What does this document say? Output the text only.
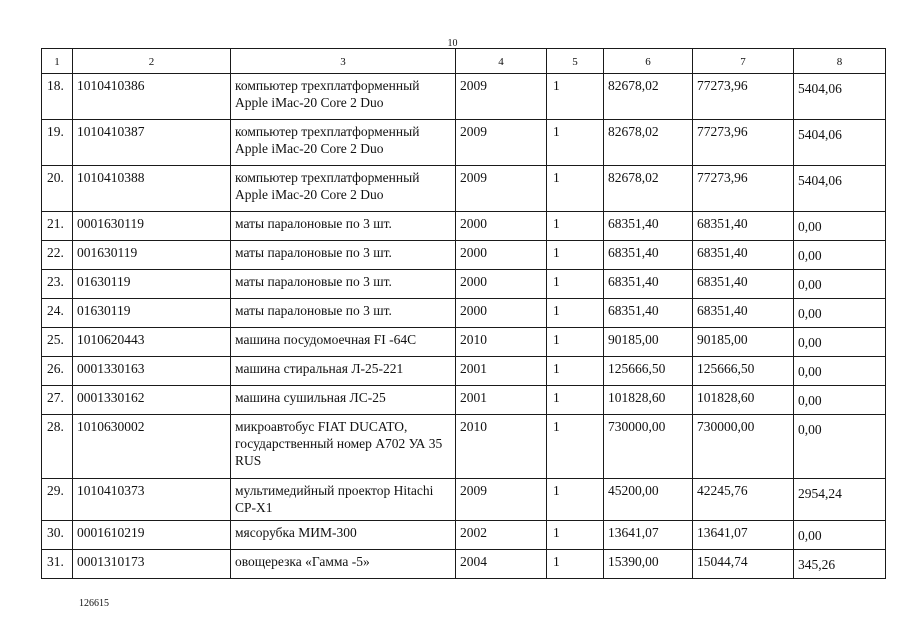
10
1	2	3	4	5	6	7	8
18.	1010410386	компьютер трехплатформенный Apple iMac-20 Core 2 Duo	2009	1	82678,02	77273,96	5404,06
19.	1010410387	компьютер трехплатформенный Apple iMac-20 Core 2 Duo	2009	1	82678,02	77273,96	5404,06
20.	1010410388	компьютер трехплатформенный Apple iMac-20 Core 2 Duo	2009	1	82678,02	77273,96	5404,06
21.	0001630119	маты паралоновые по 3 шт.	2000	1	68351,40	68351,40	0,00
22.	001630119	маты паралоновые по 3 шт.	2000	1	68351,40	68351,40	0,00
23.	01630119	маты паралоновые по 3 шт.	2000	1	68351,40	68351,40	0,00
24.	01630119	маты паралоновые по 3 шт.	2000	1	68351,40	68351,40	0,00
25.	1010620443	машина посудомоечная FI -64C	2010	1	90185,00	90185,00	0,00
26.	0001330163	машина стиральная Л-25-221	2001	1	125666,50	125666,50	0,00
27.	0001330162	машина сушильная ЛС-25	2001	1	101828,60	101828,60	0,00
28.	1010630002	микроавтобус FIAT DUCATO, государственный номер А702 УА 35 RUS	2010	1	730000,00	730000,00	0,00
29.	1010410373	мультимедийный проектор Hitachi CP-X1	2009	1	45200,00	42245,76	2954,24
30.	0001610219	мясорубка МИМ-300	2002	1	13641,07	13641,07	0,00
31.	0001310173	овощерезка «Гамма -5»	2004	1	15390,00	15044,74	345,26
126615
